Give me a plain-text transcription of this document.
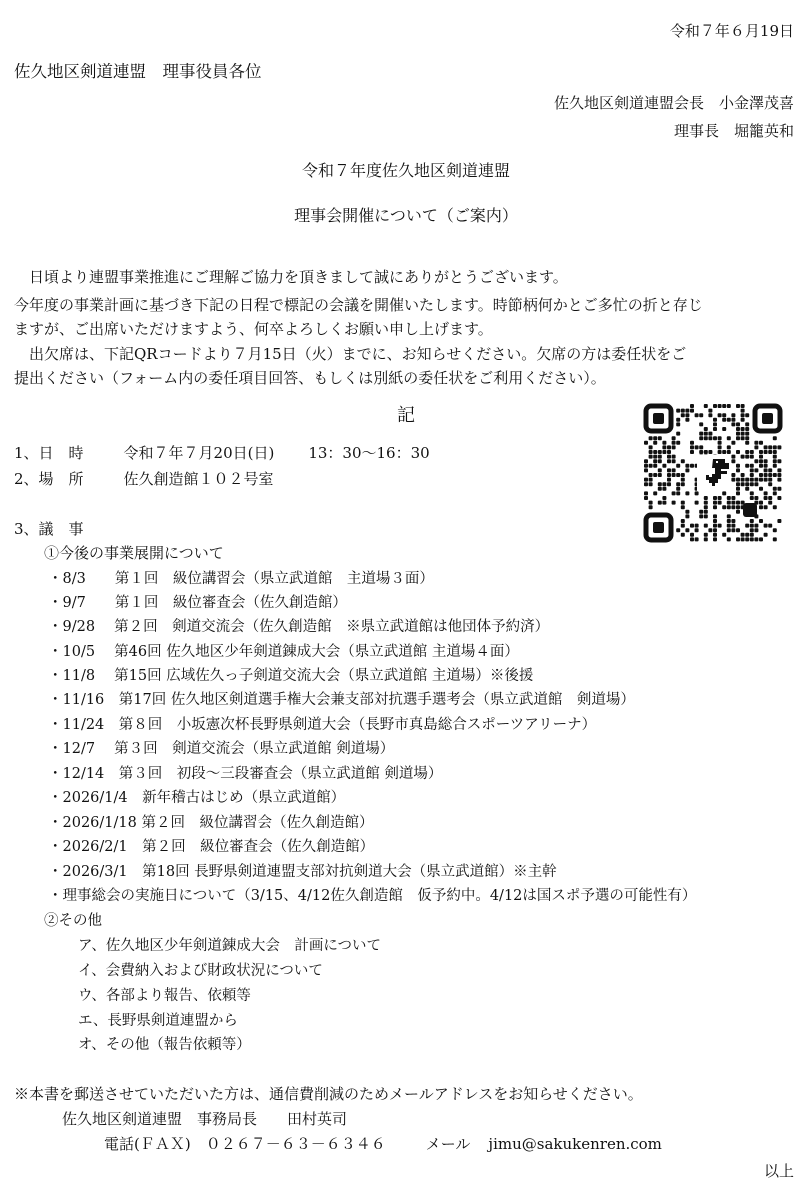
令和７年６月19日
佐久地区剣道連盟　理事役員各位
佐久地区剣道連盟会長　小金澤茂喜
理事長　堀籠英和
令和７年度佐久地区剣道連盟
理事会開催について（ご案内）
　日頃より連盟事業推進にご理解ご協力を頂きまして誠にありがとうございます。
今年度の事業計画に基づき下記の日程で標記の会議を開催いたします。時節柄何かとご多忙の折と存じ
ますが、ご出席いただけますよう、何卒よろしくお願い申し上げます。
　出欠席は、下記QRコードより７月15日（火）までに、お知らせください。欠席の方は委任状をご
提出ください（フォーム内の委任項目回答、もしくは別紙の委任状をご利用ください）。
記
1、日　時	令和７年７月20日(日) 13：30〜16：30
2、場　所	佐久創造館１０２号室
3、議　事
①今後の事業展開について
・8/3　　第１回　級位講習会（県立武道館　主道場３面）
・9/7　　第１回　級位審査会（佐久創造館）
・9/28　 第２回　剣道交流会（佐久創造館　※県立武道館は他団体予約済）
・10/5　 第46回 佐久地区少年剣道錬成大会（県立武道館 主道場４面）
・11/8　 第15回 広域佐久っ子剣道交流大会（県立武道館 主道場）※後援
・11/16　第17回 佐久地区剣道選手権大会兼支部対抗選手選考会（県立武道館　剣道場）
・11/24　第８回　小坂憲次杯長野県剣道大会（長野市真島総合スポーツアリーナ）
・12/7　 第３回　剣道交流会（県立武道館 剣道場）
・12/14　第３回　初段〜三段審査会（県立武道館 剣道場）
・2026/1/4　新年稽古はじめ（県立武道館）
・2026/1/18 第２回　級位講習会（佐久創造館）
・2026/2/1　第２回　級位審査会（佐久創造館）
・2026/3/1　第18回 長野県剣道連盟支部対抗剣道大会（県立武道館）※主幹
・理事総会の実施日について（3/15、4/12佐久創造館　仮予約中。4/12は国スポ予選の可能性有）
②その他
ア、佐久地区少年剣道錬成大会　計画について
イ、会費納入および財政状況について
ウ、各部より報告、依頼等
エ、長野県剣道連盟から
オ、その他（報告依頼等）
※本書を郵送させていただいた方は、通信費削減のためメールアドレスをお知らせください。
佐久地区剣道連盟　事務局長　　田村英司
電話(ＦＡＸ)　０２６７－６３－６３４６	メール jimu@sakukenren.com
以上
